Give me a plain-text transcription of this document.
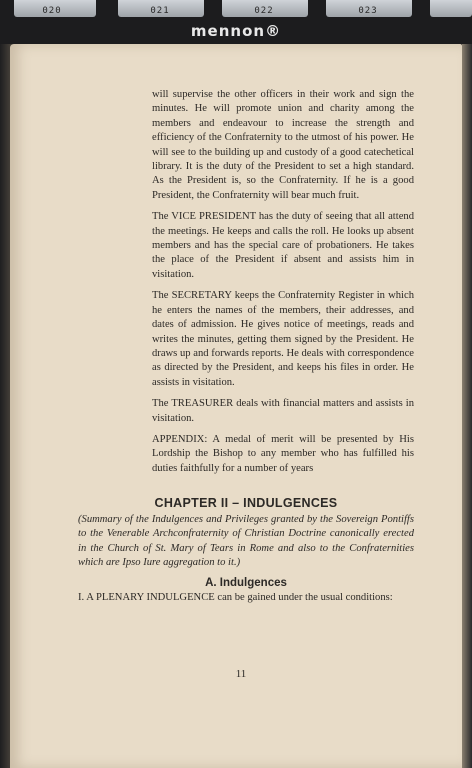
020	021	022	023
mennon®

will supervise the other officers in their work and sign the minutes. He will promote union and charity among the members and endeavour to increase the strength and efficiency of the Confraternity to the utmost of his power. He will see to the building up and custody of a good catechetical library. It is the duty of the President to set a high standard. As the President is, so the Confraternity. If he is a good President, the Confraternity will bear much fruit.

The VICE PRESIDENT has the duty of seeing that all attend the meetings. He keeps and calls the roll. He looks up absent members and has the special care of probationers. He takes the place of the President if absent and assists him in visitation.

The SECRETARY keeps the Confraternity Register in which he enters the names of the members, their addresses, and dates of admission. He gives notice of meetings, reads and writes the minutes, getting them signed by the President. He draws up and forwards reports. He deals with correspondence as directed by the President, and keeps his files in order. He assists in visitation.

The TREASURER deals with financial matters and assists in visitation.

APPENDIX: A medal of merit will be presented by His Lordship the Bishop to any member who has fulfilled his duties faithfully for a number of years

CHAPTER II – INDULGENCES
(Summary of the Indulgences and Privileges granted by the Sovereign Pontiffs to the Venerable Archconfraternity of Christian Doctrine canonically erected in the Church of St. Mary of Tears in Rome and also to the Confraternities which are Ipso Iure aggregation to it.)
A. Indulgences
I. A PLENARY INDULGENCE can be gained under the usual conditions:
11
